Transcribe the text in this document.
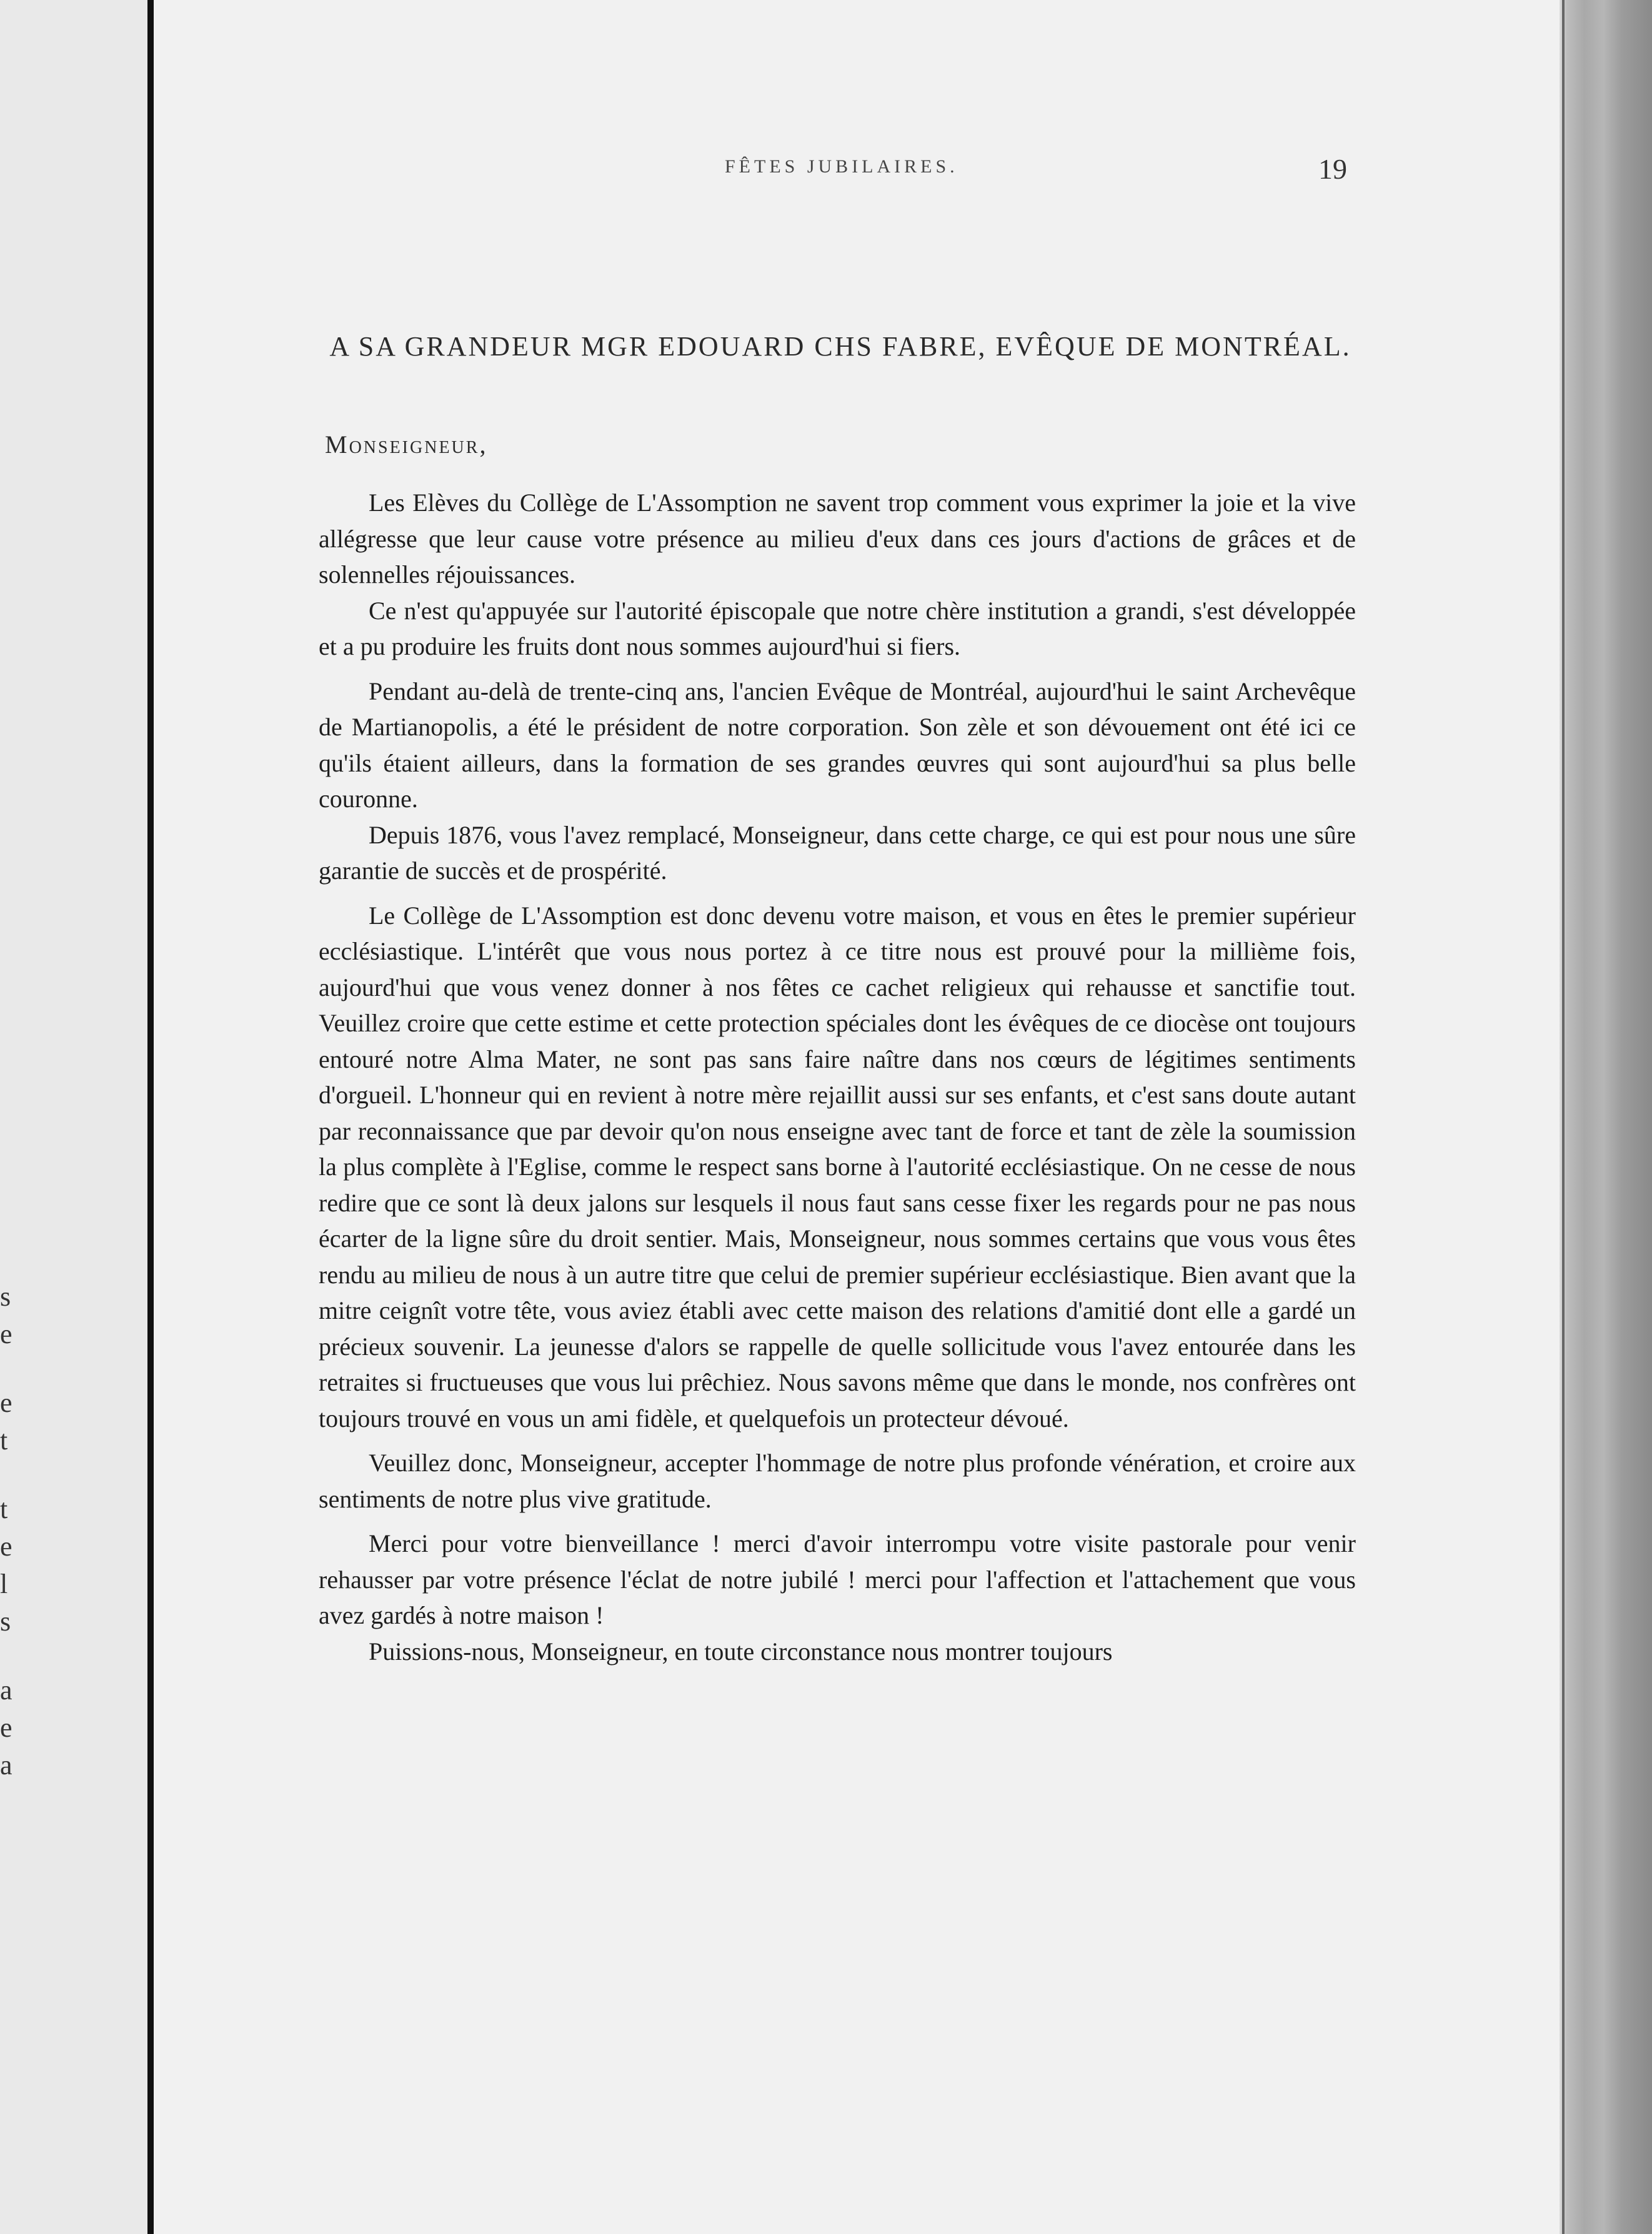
s
e
e
t
t
e
l
s
a
e
a
FÊTES JUBILAIRES.	19
A SA GRANDEUR MGR EDOUARD CHS FABRE, EVÊQUE DE MONTRÉAL.
Monseigneur,

Les Elèves du Collège de L'Assomption ne savent trop comment vous exprimer la joie et la vive allégresse que leur cause votre présence au milieu d'eux dans ces jours d'actions de grâces et de solennelles réjouissances.

Ce n'est qu'appuyée sur l'autorité épiscopale que notre chère institution a grandi, s'est développée et a pu produire les fruits dont nous sommes aujourd'hui si fiers.

Pendant au-delà de trente-cinq ans, l'ancien Evêque de Montréal, aujourd'hui le saint Archevêque de Martianopolis, a été le président de notre corporation. Son zèle et son dévouement ont été ici ce qu'ils étaient ailleurs, dans la formation de ses grandes œuvres qui sont aujourd'hui sa plus belle couronne.

Depuis 1876, vous l'avez remplacé, Monseigneur, dans cette charge, ce qui est pour nous une sûre garantie de succès et de prospérité.

Le Collège de L'Assomption est donc devenu votre maison, et vous en êtes le premier supérieur ecclésiastique. L'intérêt que vous nous portez à ce titre nous est prouvé pour la millième fois, aujourd'hui que vous venez donner à nos fêtes ce cachet religieux qui rehausse et sanctifie tout. Veuillez croire que cette estime et cette protection spéciales dont les évêques de ce diocèse ont toujours entouré notre Alma Mater, ne sont pas sans faire naître dans nos cœurs de légitimes sentiments d'orgueil. L'honneur qui en revient à notre mère rejaillit aussi sur ses enfants, et c'est sans doute autant par reconnaissance que par devoir qu'on nous enseigne avec tant de force et tant de zèle la soumission la plus complète à l'Eglise, comme le respect sans borne à l'autorité ecclésiastique. On ne cesse de nous redire que ce sont là deux jalons sur lesquels il nous faut sans cesse fixer les regards pour ne pas nous écarter de la ligne sûre du droit sentier. Mais, Monseigneur, nous sommes certains que vous vous êtes rendu au milieu de nous à un autre titre que celui de premier supérieur ecclésiastique. Bien avant que la mitre ceignît votre tête, vous aviez établi avec cette maison des relations d'amitié dont elle a gardé un précieux souvenir. La jeunesse d'alors se rappelle de quelle sollicitude vous l'avez entourée dans les retraites si fructueuses que vous lui prêchiez. Nous savons même que dans le monde, nos confrères ont toujours trouvé en vous un ami fidèle, et quelquefois un protecteur dévoué.

Veuillez donc, Monseigneur, accepter l'hommage de notre plus profonde vénération, et croire aux sentiments de notre plus vive gratitude.

Merci pour votre bienveillance ! merci d'avoir interrompu votre visite pastorale pour venir rehausser par votre présence l'éclat de notre jubilé ! merci pour l'affection et l'attachement que vous avez gardés à notre maison !

Puissions-nous, Monseigneur, en toute circonstance nous montrer toujours
